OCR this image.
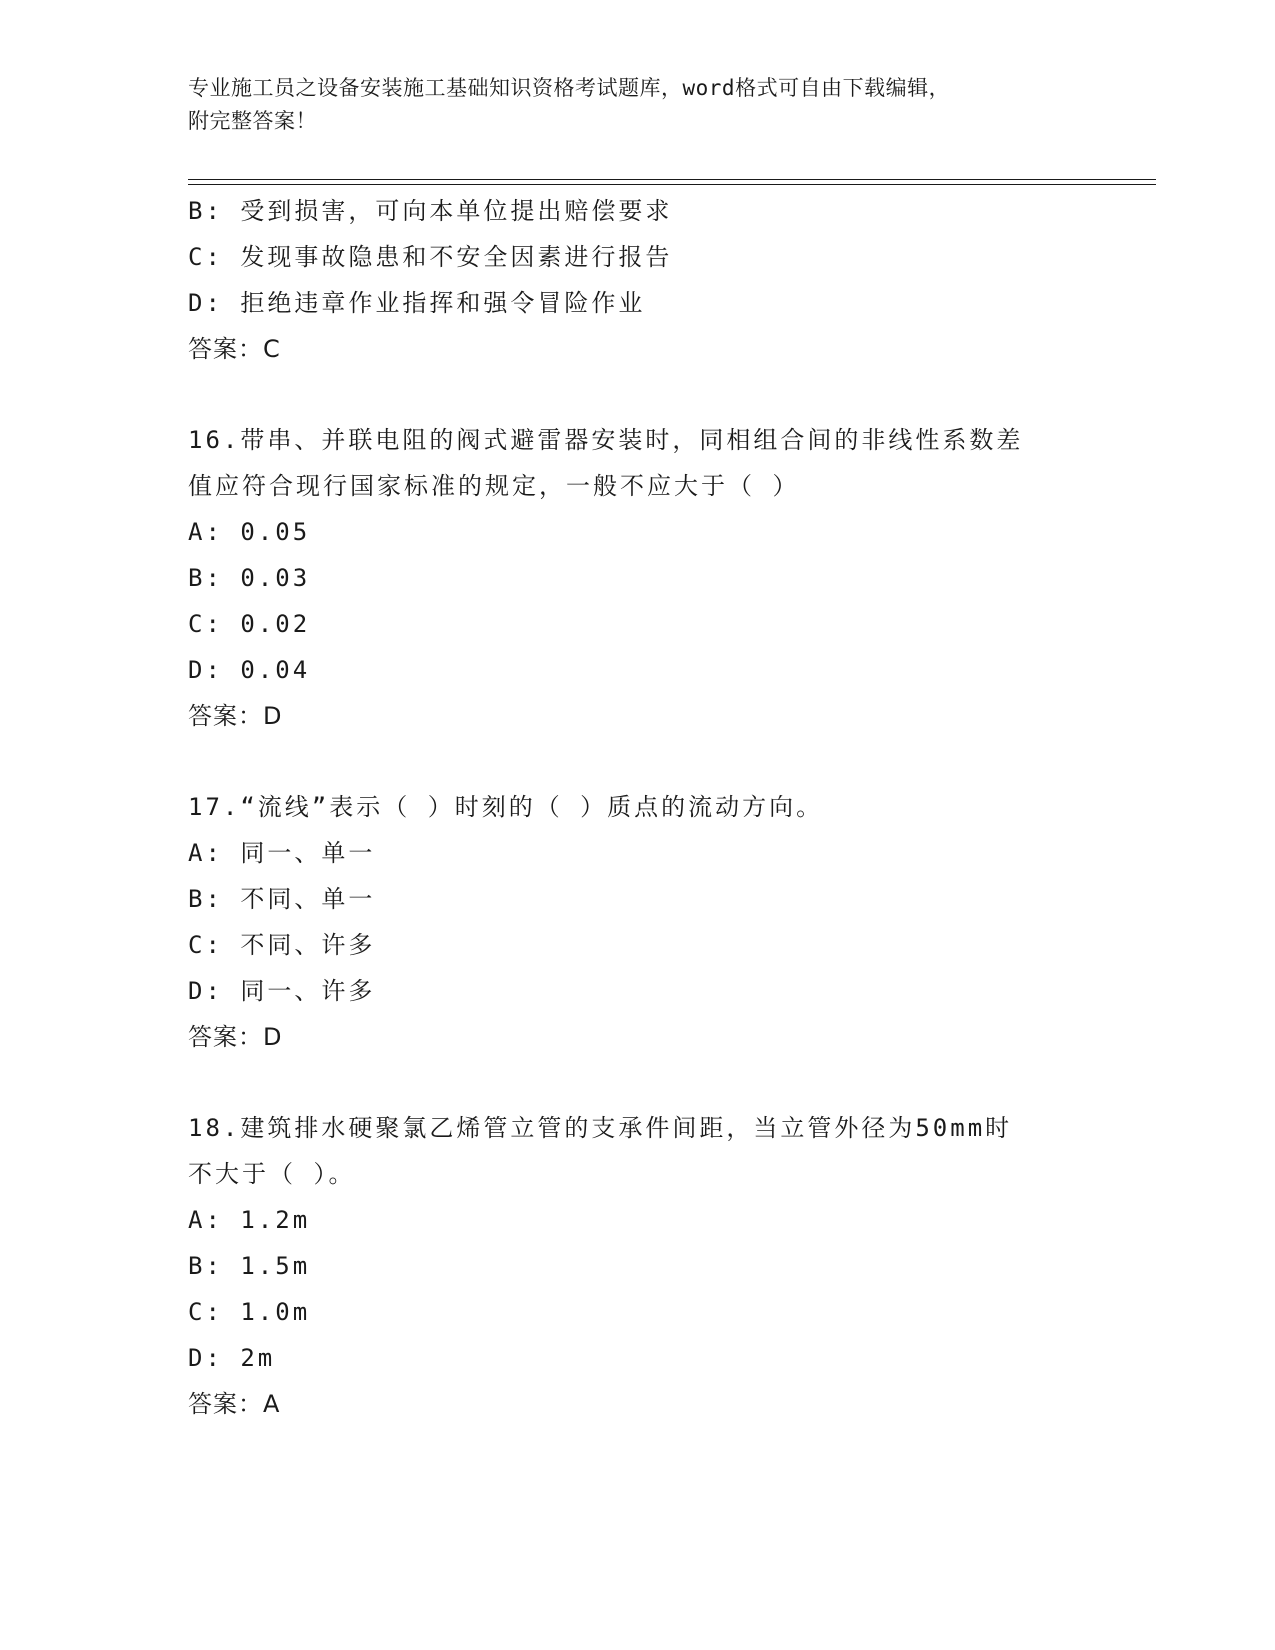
专业施工员之设备安装施工基础知识资格考试题库，word格式可自由下载编辑，
附完整答案！
B: 受到损害，可向本单位提出赔偿要求
C: 发现事故隐患和不安全因素进行报告
D: 拒绝违章作业指挥和强令冒险作业
答案：C
16.带串、并联电阻的阀式避雷器安装时，同相组合间的非线性系数差
值应符合现行国家标准的规定，一般不应大于（ ）
A: 0.05
B: 0.03
C: 0.02
D: 0.04
答案：D
17.“流线”表示（ ）时刻的（ ）质点的流动方向。
A: 同一、单一
B: 不同、单一
C: 不同、许多
D: 同一、许多
答案：D
18.建筑排水硬聚氯乙烯管立管的支承件间距，当立管外径为50mm时
不大于（ ）。
A: 1.2m
B: 1.5m
C: 1.0m
D: 2m
答案：A
